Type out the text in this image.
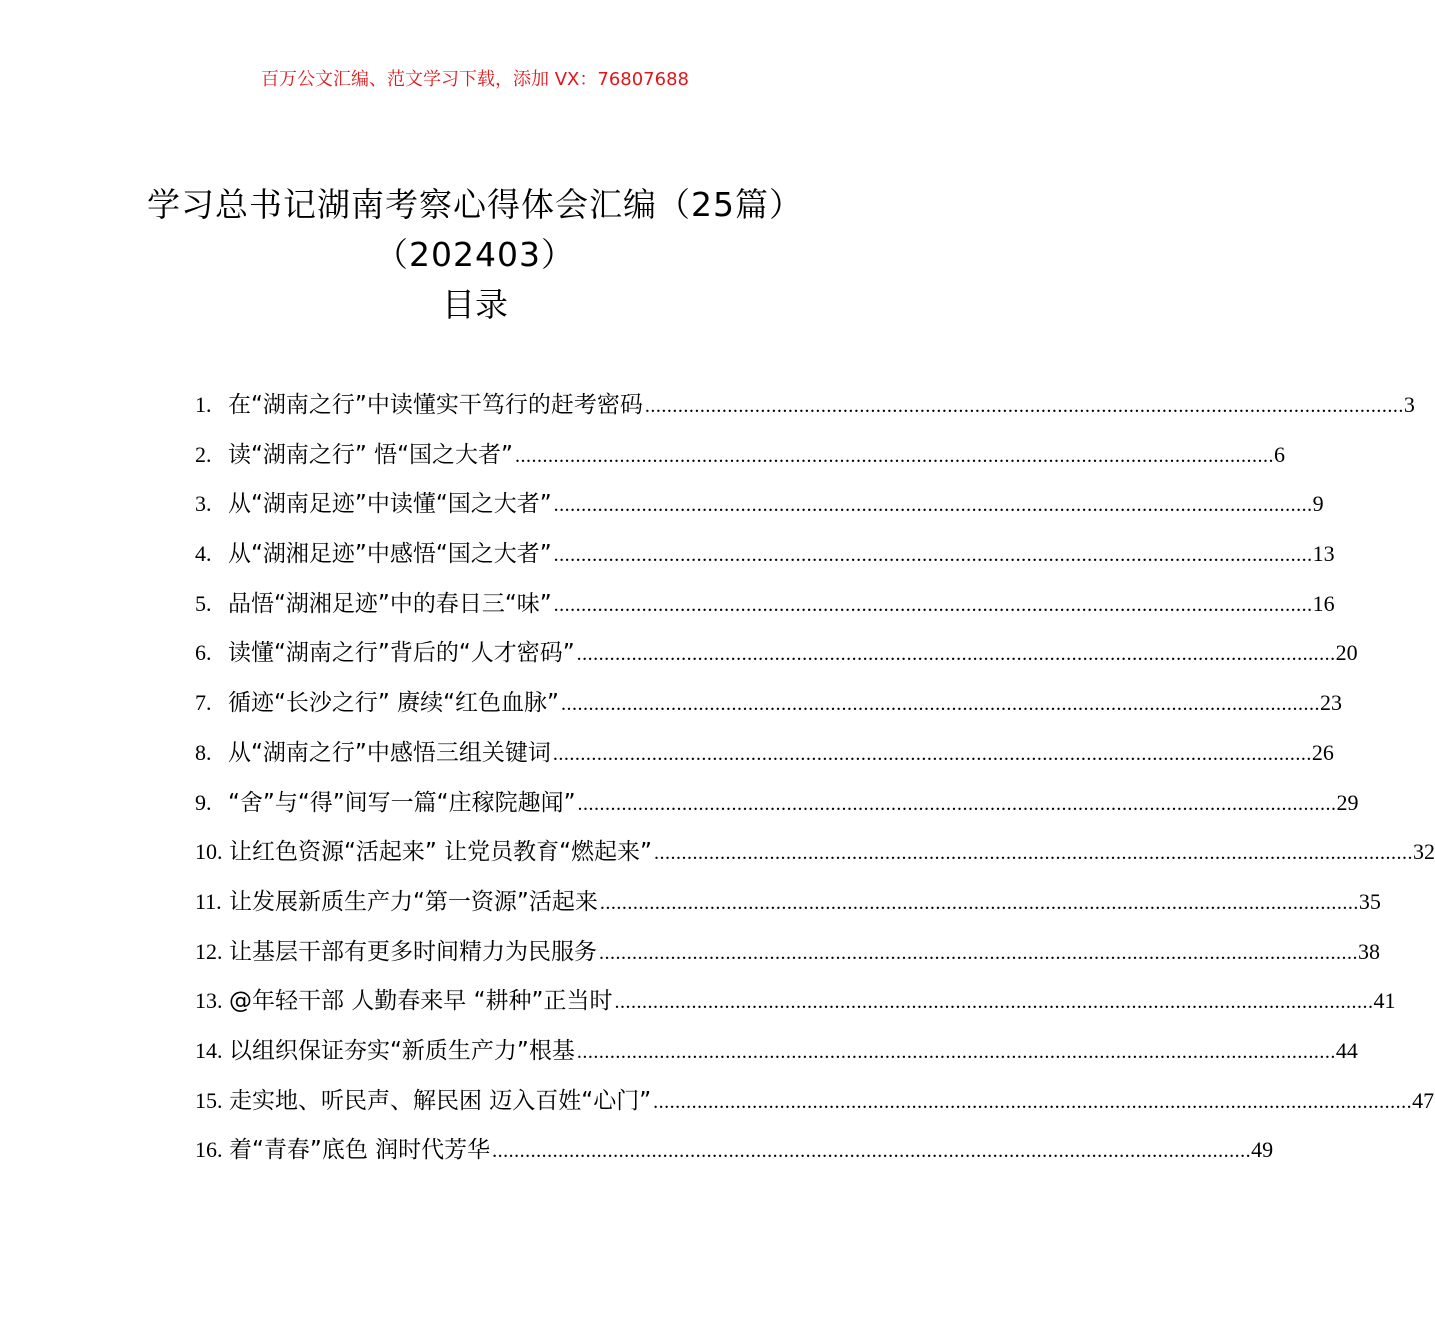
百万公文汇编、范文学习下载，添加 VX：76807688
学习总书记湖南考察心得体会汇编（25篇）（202403）
目录
1. 在“湖南之行”中读懂实干笃行的赶考密码 .....	3
2. 读“湖南之行” 悟“国之大者” .....	6
3. 从“湖南足迹”中读懂“国之大者” .....	9
4. 从“湖湘足迹”中感悟“国之大者” .....	13
5. 品悟“湖湘足迹”中的春日三“味” .....	16
6. 读懂“湖南之行”背后的“人才密码” .....	20
7. 循迹“长沙之行” 赓续“红色血脉” .....	23
8. 从“湖南之行”中感悟三组关键词 .....	26
9. “舍”与“得”间写一篇“庄稼院趣闻” .....	29
10. 让红色资源“活起来” 让党员教育“燃起来” .....	32
11. 让发展新质生产力“第一资源”活起来 .....	35
12. 让基层干部有更多时间精力为民服务 .....	38
13. @年轻干部 人勤春来早 “耕种”正当时 .....	41
14. 以组织保证夯实“新质生产力”根基 .....	44
15. 走实地、听民声、解民困 迈入百姓“心门” .....	47
16. 着“青春”底色 润时代芳华 .....	49
